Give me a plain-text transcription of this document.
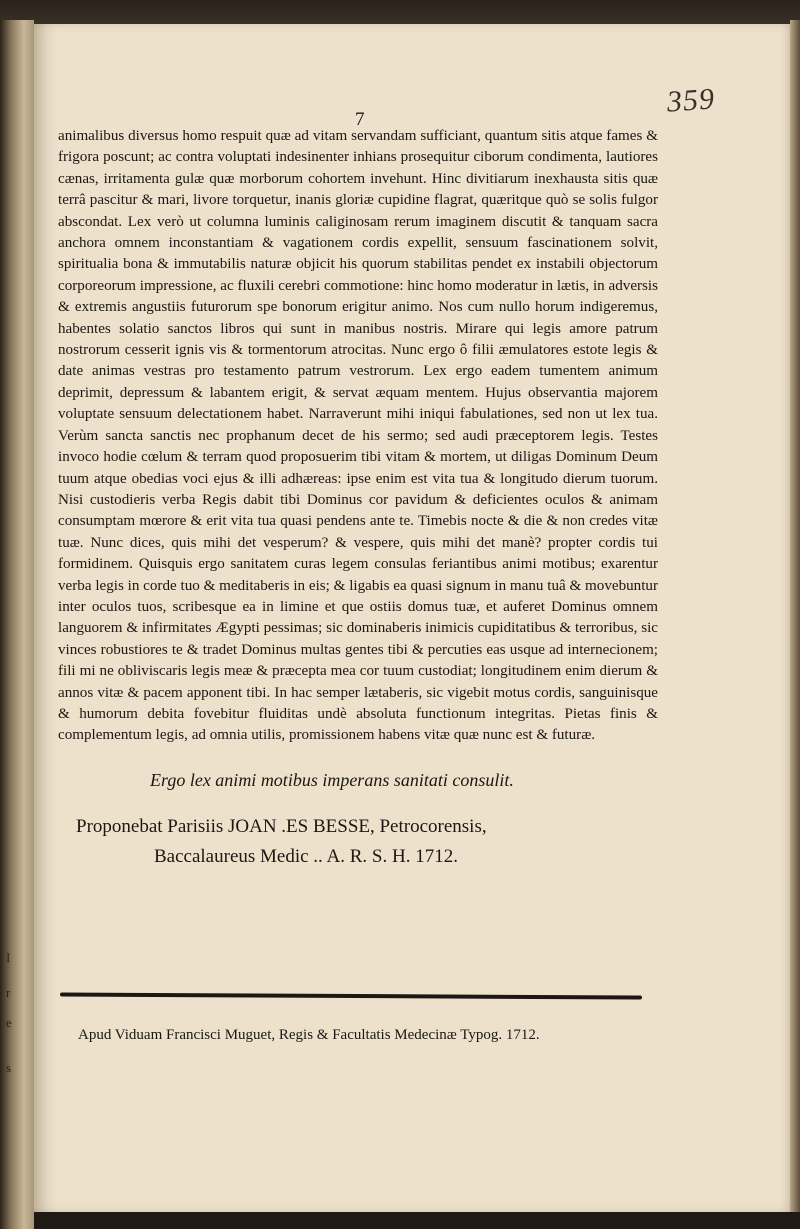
I
r
e
s
359
7

animalibus diversus homo respuit quæ ad vitam servandam sufficiant, quantum sitis atque fames & frigora poscunt; ac contra voluptati indesinenter inhians prosequitur ciborum condimenta, lautiores cænas, irritamenta gulæ quæ morborum cohortem invehunt. Hinc divitiarum inexhausta sitis quæ terrâ pascitur & mari, livore torquetur, inanis gloriæ cupidine flagrat, quæritque quò se solis fulgor abscondat. Lex verò ut columna luminis caliginosam rerum imaginem discutit & tanquam sacra anchora omnem inconstantiam & vagationem cordis expellit, sensuum fascinationem solvit, spiritualia bona & immutabilis naturæ objicit his quorum stabilitas pendet ex instabili objectorum corporeorum impressione, ac fluxili cerebri commotione: hinc homo moderatur in lætis, in adversis & extremis angustiis futurorum spe bonorum erigitur animo. Nos cum nullo horum indigeremus, habentes solatio sanctos libros qui sunt in manibus nostris. Mirare qui legis amore patrum nostrorum cesserit ignis vis & tormentorum atrocitas. Nunc ergo ô filii æmulatores estote legis & date animas vestras pro testamento patrum vestrorum. Lex ergo eadem tumentem animum deprimit, depressum & labantem erigit, & servat æquam mentem. Hujus observantia majorem voluptate sensuum delectationem habet. Narraverunt mihi iniqui fabulationes, sed non ut lex tua. Verùm sancta sanctis nec prophanum decet de his sermo; sed audi præceptorem legis. Testes invoco hodie cœlum & terram quod proposuerim tibi vitam & mortem, ut diligas Dominum Deum tuum atque obedias voci ejus & illi adhæreas: ipse enim est vita tua & longitudo dierum tuorum. Nisi custodieris verba Regis dabit tibi Dominus cor pavidum & deficientes oculos & animam consumptam mœrore & erit vita tua quasi pendens ante te. Timebis nocte & die & non credes vitæ tuæ. Nunc dices, quis mihi det vesperum? & vespere, quis mihi det manè? propter cordis tui formidinem. Quisquis ergo sanitatem curas legem consulas feriantibus animi motibus; exarentur verba legis in corde tuo & meditaberis in eis; & ligabis ea quasi signum in manu tuâ & movebuntur inter oculos tuos, scribesque ea in limine et que ostiis domus tuæ, et auferet Dominus omnem languorem & infirmitates Ægypti pessimas; sic dominaberis inimicis cupiditatibus & terroribus, sic vinces robustiores te & tradet Dominus multas gentes tibi & percuties eas usque ad internecionem; fili mi ne obliviscaris legis meæ & præcepta mea cor tuum custodiat; longitudinem enim dierum & annos vitæ & pacem apponent tibi. In hac semper lætaberis, sic vigebit motus cordis, sanguinisque & humorum debita fovebitur fluiditas undè absoluta functionum integritas. Pietas finis & complementum legis, ad omnia utilis, promissionem habens vitæ quæ nunc est & futuræ.

Ergo lex animi motibus imperans sanitati consulit.
Proponebat Parisiis JOAN .ES BESSE, Petrocorensis,
Baccalaureus Medic .. A. R. S. H. 1712.
Apud Viduam Francisci Muguet, Regis & Facultatis Medecinæ Typog. 1712.
